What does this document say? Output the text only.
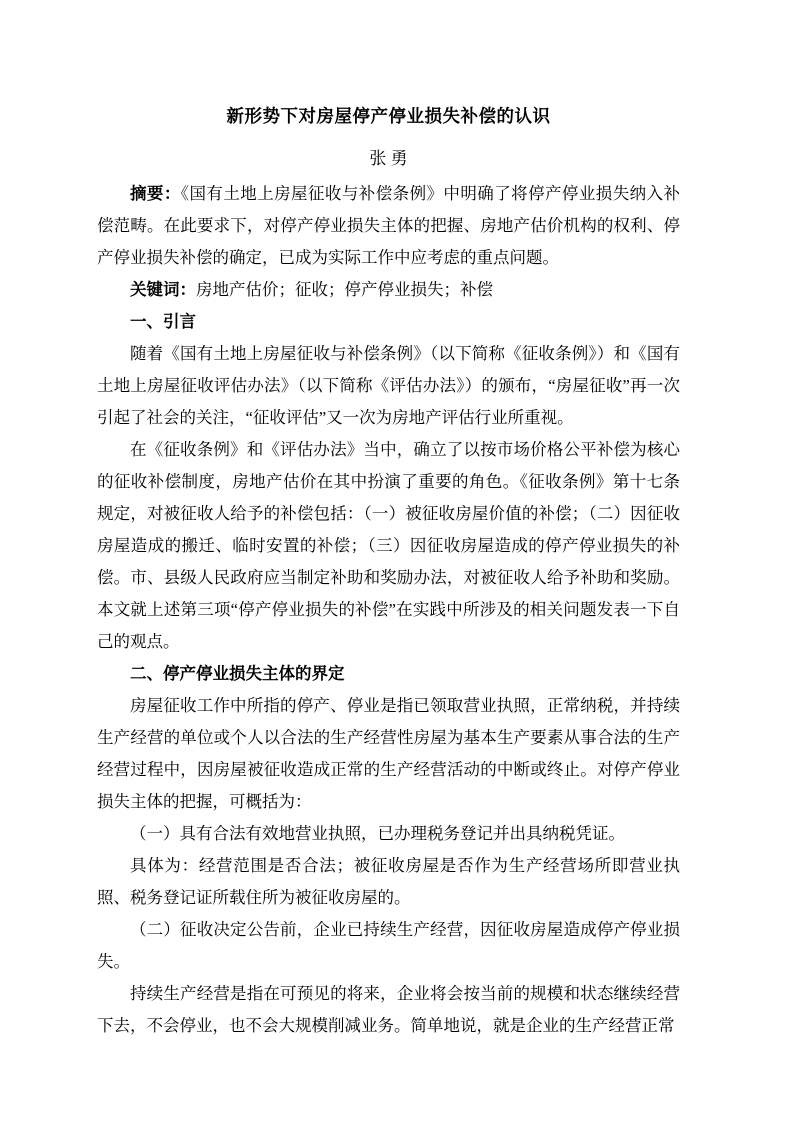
新形势下对房屋停产停业损失补偿的认识

张 勇

摘要：《国有土地上房屋征收与补偿条例》中明确了将停产停业损失纳入补偿范畴。在此要求下，对停产停业损失主体的把握、房地产估价机构的权利、停产停业损失补偿的确定，已成为实际工作中应考虑的重点问题。

关键词：房地产估价；征收；停产停业损失；补偿

一、引言

随着《国有土地上房屋征收与补偿条例》（以下简称《征收条例》）和《国有土地上房屋征收评估办法》（以下简称《评估办法》）的颁布，“房屋征收”再一次引起了社会的关注，“征收评估”又一次为房地产评估行业所重视。

在《征收条例》和《评估办法》当中，确立了以按市场价格公平补偿为核心的征收补偿制度，房地产估价在其中扮演了重要的角色。《征收条例》第十七条规定，对被征收人给予的补偿包括：（一）被征收房屋价值的补偿；（二）因征收房屋造成的搬迁、临时安置的补偿；（三）因征收房屋造成的停产停业损失的补偿。市、县级人民政府应当制定补助和奖励办法，对被征收人给予补助和奖励。本文就上述第三项“停产停业损失的补偿”在实践中所涉及的相关问题发表一下自己的观点。

二、停产停业损失主体的界定

房屋征收工作中所指的停产、停业是指已领取营业执照，正常纳税，并持续生产经营的单位或个人以合法的生产经营性房屋为基本生产要素从事合法的生产经营过程中，因房屋被征收造成正常的生产经营活动的中断或终止。对停产停业损失主体的把握，可概括为：

（一）具有合法有效地营业执照，已办理税务登记并出具纳税凭证。

具体为：经营范围是否合法；被征收房屋是否作为生产经营场所即营业执照、税务登记证所载住所为被征收房屋的。

（二）征收决定公告前，企业已持续生产经营，因征收房屋造成停产停业损失。

持续生产经营是指在可预见的将来，企业将会按当前的规模和状态继续经营下去，不会停业，也不会大规模削减业务。简单地说，就是企业的生产经营正常
